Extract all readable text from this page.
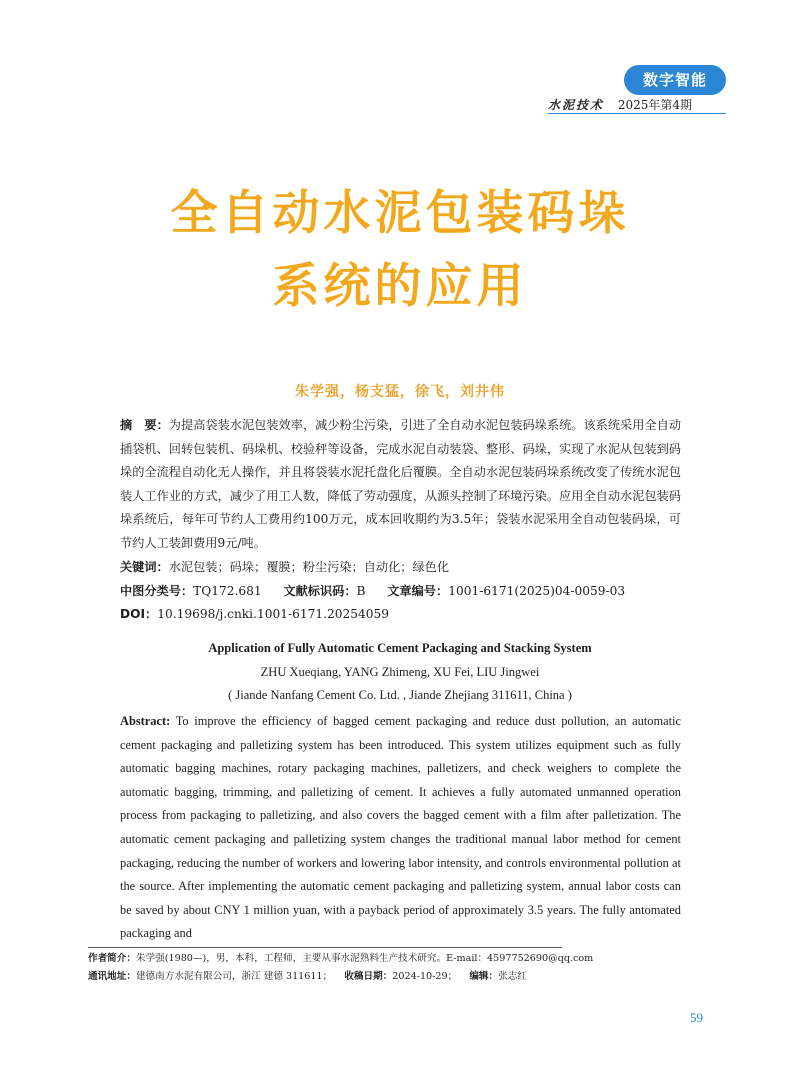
数字智能
水泥技术 2025年第4期
全自动水泥包装码垛
系统的应用
朱学强，杨支猛，徐飞，刘井伟
摘　要：为提高袋装水泥包装效率，减少粉尘污染，引进了全自动水泥包装码垛系统。该系统采用全自动插袋机、回转包装机、码垛机、校验秤等设备，完成水泥自动装袋、整形、码垛，实现了水泥从包装到码垛的全流程自动化无人操作，并且将袋装水泥托盘化后覆膜。全自动水泥包装码垛系统改变了传统水泥包装人工作业的方式，减少了用工人数，降低了劳动强度，从源头控制了环境污染。应用全自动水泥包装码垛系统后，每年可节约人工费用约100万元，成本回收期约为3.5年；袋装水泥采用全自动包装码垛，可节约人工装卸费用9元/吨。
关键词：水泥包装；码垛；覆膜；粉尘污染；自动化；绿色化
中图分类号：TQ172.681 文献标识码：B 文章编号：1001-6171(2025)04-0059-03
DOI：10.19698/j.cnki.1001-6171.20254059
Application of Fully Automatic Cement Packaging and Stacking System
ZHU Xueqiang, YANG Zhimeng, XU Fei, LIU Jingwei
( Jiande Nanfang Cement Co. Ltd. , Jiande Zhejiang 311611, China )
Abstract: To improve the efficiency of bagged cement packaging and reduce dust pollution, an automatic cement packaging and palletizing system has been introduced. This system utilizes equipment such as fully automatic bagging machines, rotary packaging machines, palletizers, and check weighers to complete the automatic bagging, trimming, and palletizing of cement. It achieves a fully automated unmanned operation process from packaging to palletizing, and also covers the bagged cement with a film after palletization. The automatic cement packaging and palletizing system changes the traditional manual labor method for cement packaging, reducing the number of workers and lowering labor intensity, and controls environmental pollution at the source. After implementing the automatic cement packaging and palletizing system, annual labor costs can be saved by about CNY 1 million yuan, with a payback period of approximately 3.5 years. The fully antomated packaging and
作者简介：朱学强(1980—)，男，本科，工程师，主要从事水泥熟料生产技术研究。E-mail：4597752690@qq.com
通讯地址：建德南方水泥有限公司，浙江 建德 311611； 收稿日期：2024-10-29； 编辑：张志红
59
